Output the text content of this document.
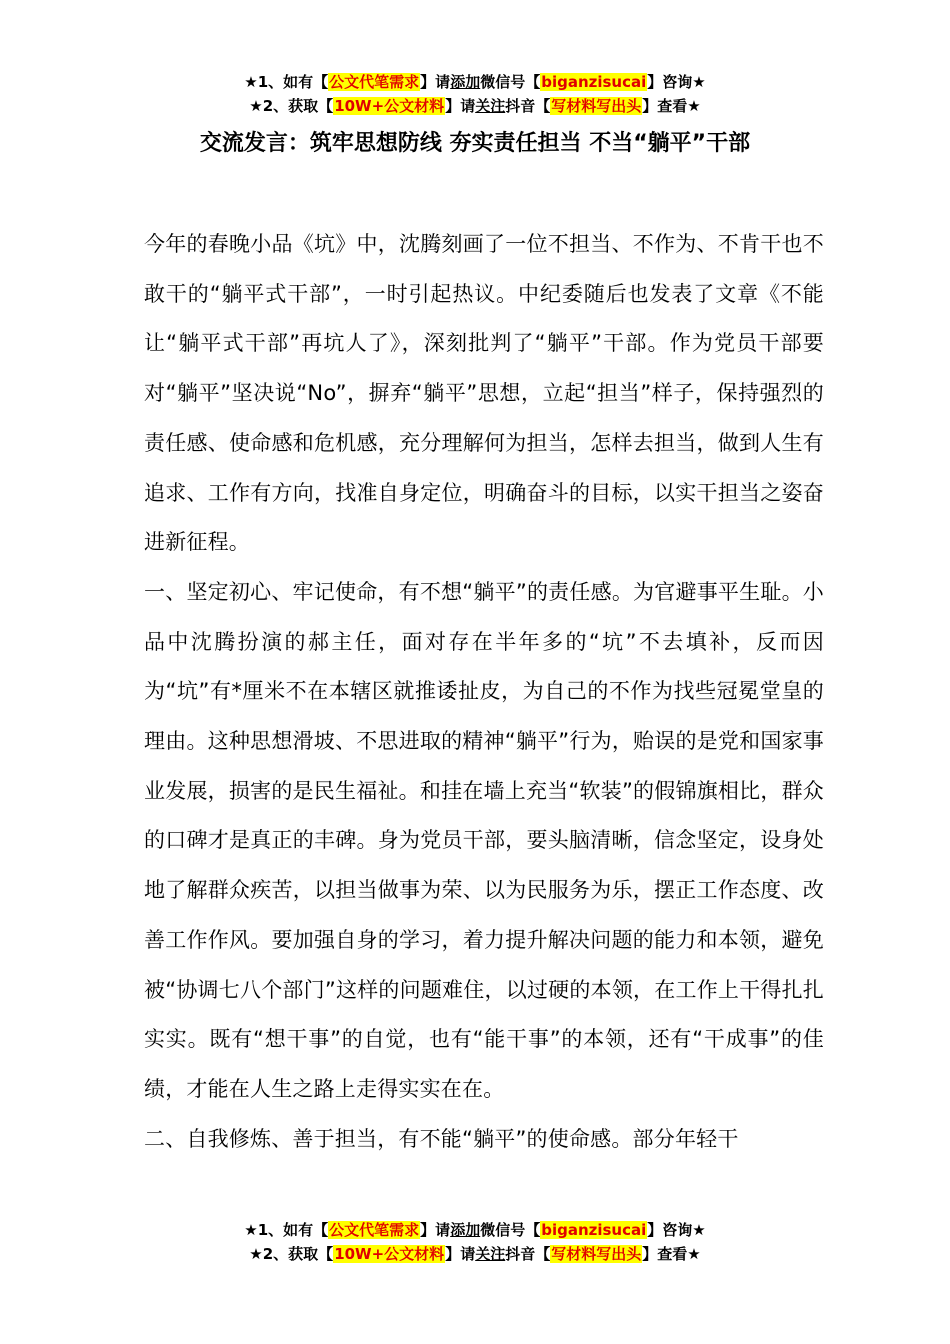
★1、如有【公文代笔需求】请添加微信号【biganzisucai】咨询★
★2、获取【10W+公文材料】请关注抖音【写材料写出头】查看★
交流发言：筑牢思想防线 夯实责任担当 不当“躺平”干部

今年的春晚小品《坑》中，沈腾刻画了一位不担当、不作为、不肯干也不敢干的“躺平式干部”，一时引起热议。中纪委随后也发表了文章《不能让“躺平式干部”再坑人了》，深刻批判了“躺平”干部。作为党员干部要对“躺平”坚决说“No”，摒弃“躺平”思想，立起“担当”样子，保持强烈的责任感、使命感和危机感，充分理解何为担当，怎样去担当，做到人生有追求、工作有方向，找准自身定位，明确奋斗的目标，以实干担当之姿奋进新征程。

一、坚定初心、牢记使命，有不想“躺平”的责任感。为官避事平生耻。小品中沈腾扮演的郝主任，面对存在半年多的“坑”不去填补，反而因为“坑”有*厘米不在本辖区就推诿扯皮，为自己的不作为找些冠冕堂皇的理由。这种思想滑坡、不思进取的精神“躺平”行为，贻误的是党和国家事业发展，损害的是民生福祉。和挂在墙上充当“软装”的假锦旗相比，群众的口碑才是真正的丰碑。身为党员干部，要头脑清晰，信念坚定，设身处地了解群众疾苦，以担当做事为荣、以为民服务为乐，摆正工作态度、改善工作作风。要加强自身的学习，着力提升解决问题的能力和本领，避免被“协调七八个部门”这样的问题难住，以过硬的本领，在工作上干得扎扎实实。既有“想干事”的自觉，也有“能干事”的本领，还有“干成事”的佳绩，才能在人生之路上走得实实在在。

二、自我修炼、善于担当，有不能“躺平”的使命感。部分年轻干

★1、如有【公文代笔需求】请添加微信号【biganzisucai】咨询★
★2、获取【10W+公文材料】请关注抖音【写材料写出头】查看★
